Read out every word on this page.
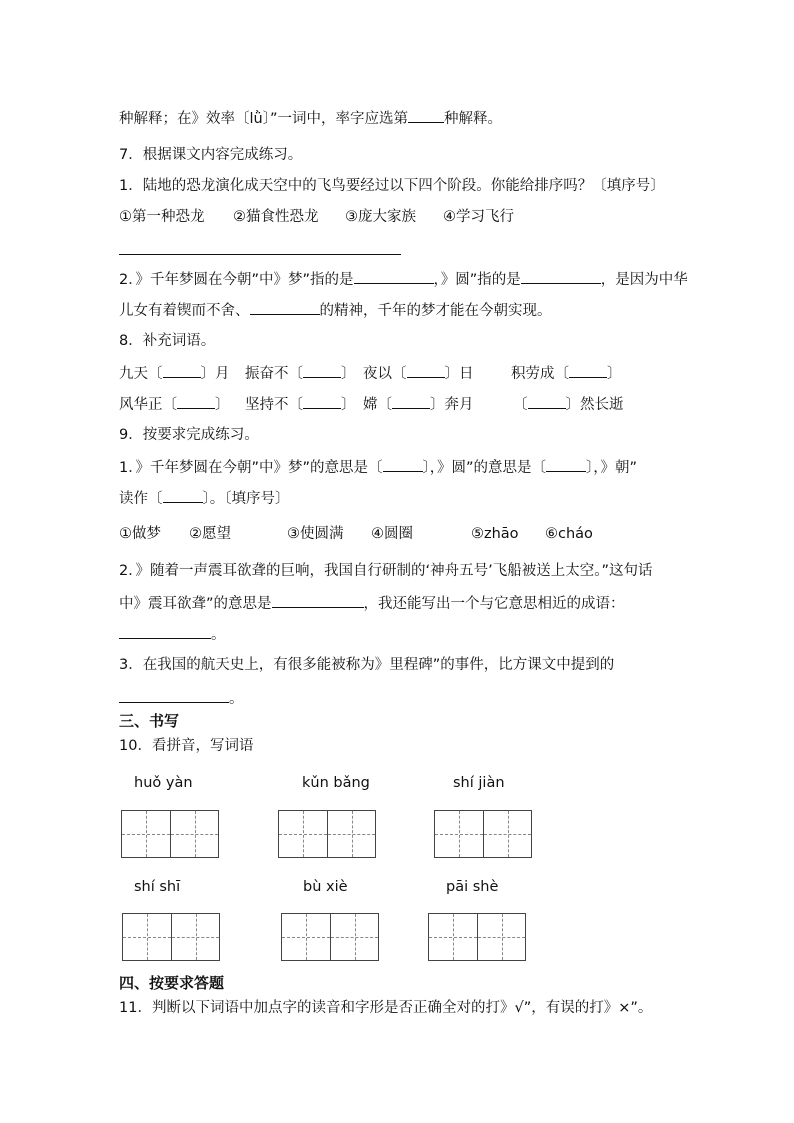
种解释；在》效率〔lǜ〕”一词中，率字应选第 种解释。
7．根据课文内容完成练习。
1．陆地的恐龙演化成天空中的飞鸟要经过以下四个阶段。你能给排序吗？〔填序号〕
①第一种恐龙 ②猫食性恐龙 ③庞大家族 ④学习飞行
2．》千年梦圆在今朝”中》梦”指的是	，》圆”指的是	，是因为中华
儿女有着锲而不舍、	的精神，千年的梦才能在今朝实现。
8．补充词语。
九天〔	〕月 振奋不〔	〕 夜以〔	〕日	积劳成〔	〕
风华正〔	〕 坚持不〔	〕 嫦〔	〕奔月	〔	〕然长逝
9．按要求完成练习。
1．》千年梦圆在今朝”中》梦”的意思是〔	〕，》圆”的意思是〔	〕，》朝”
读作〔	〕。〔填序号〕
①做梦 ②愿望	③使圆满 ④圆圈	⑤zhāo ⑥cháo
2．》随着一声震耳欲聋的巨响，我国自行研制的‘神舟五号’飞船被送上太空。”这句话
中》震耳欲聋”的意思是	，我还能写出一个与它意思相近的成语：
。
3．在我国的航天史上，有很多能被称为》里程碑”的事件，比方课文中提到的
。
三、书写
10．看拼音，写词语
huǒ yàn	kǔn bǎng	shí jiàn
shí shī	bù xiè	pāi shè
四、按要求答题
11．判断以下词语中加点字的读音和字形是否正确全对的打》√”，有误的打》×”。
